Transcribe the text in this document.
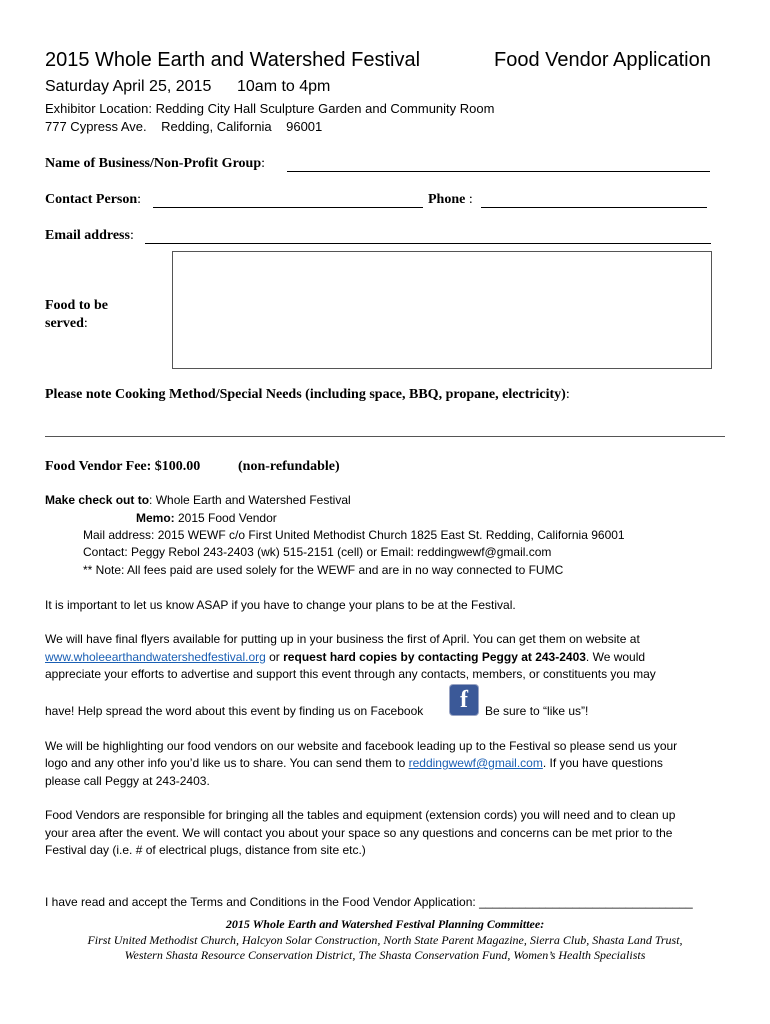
2015 Whole Earth and Watershed Festival	Food Vendor Application
Saturday April 25, 2015 10am to 4pm
Exhibitor Location: Redding City Hall Sculpture Garden and Community Room
777 Cypress Ave.    Redding, California    96001
Name of Business/Non-Profit Group:
Contact Person:	Phone :
Email address:
Food to be
served:
Please note Cooking Method/Special Needs (including space, BBQ, propane, electricity):
Food Vendor Fee: $100.00	(non-refundable)
Make check out to: Whole Earth and Watershed Festival
Memo: 2015 Food Vendor
Mail address: 2015 WEWF c/o First United Methodist Church 1825 East St. Redding, California 96001
Contact: Peggy Rebol 243-2403 (wk) 515-2151 (cell) or Email: reddingwewf@gmail.com
** Note: All fees paid are used solely for the WEWF and are in no way connected to FUMC
It is important to let us know ASAP if you have to change your plans to be at the Festival.
We will have final flyers available for putting up in your business the first of April. You can get them on website at
www.wholeearthandwatershedfestival.org or request hard copies by contacting Peggy at 243-2403. We would
appreciate your efforts to advertise and support this event through any contacts, members, or constituents you may
have! Help spread the word about this event by finding us on Facebook f Be sure to “like us”!
We will be highlighting our food vendors on our website and facebook leading up to the Festival so please send us your
logo and any other info you’d like us to share. You can send them to reddingwewf@gmail.com. If you have questions
please call Peggy at 243-2403.
Food Vendors are responsible for bringing all the tables and equipment (extension cords) you will need and to clean up
your area after the event. We will contact you about your space so any questions and concerns can be met prior to the
Festival day (i.e. # of electrical plugs, distance from site etc.)
I have read and accept the Terms and Conditions in the Food Vendor Application: ________________________________
2015 Whole Earth and Watershed Festival Planning Committee:
First United Methodist Church, Halcyon Solar Construction, North State Parent Magazine, Sierra Club, Shasta Land Trust,
Western Shasta Resource Conservation District, The Shasta Conservation Fund, Women’s Health Specialists
